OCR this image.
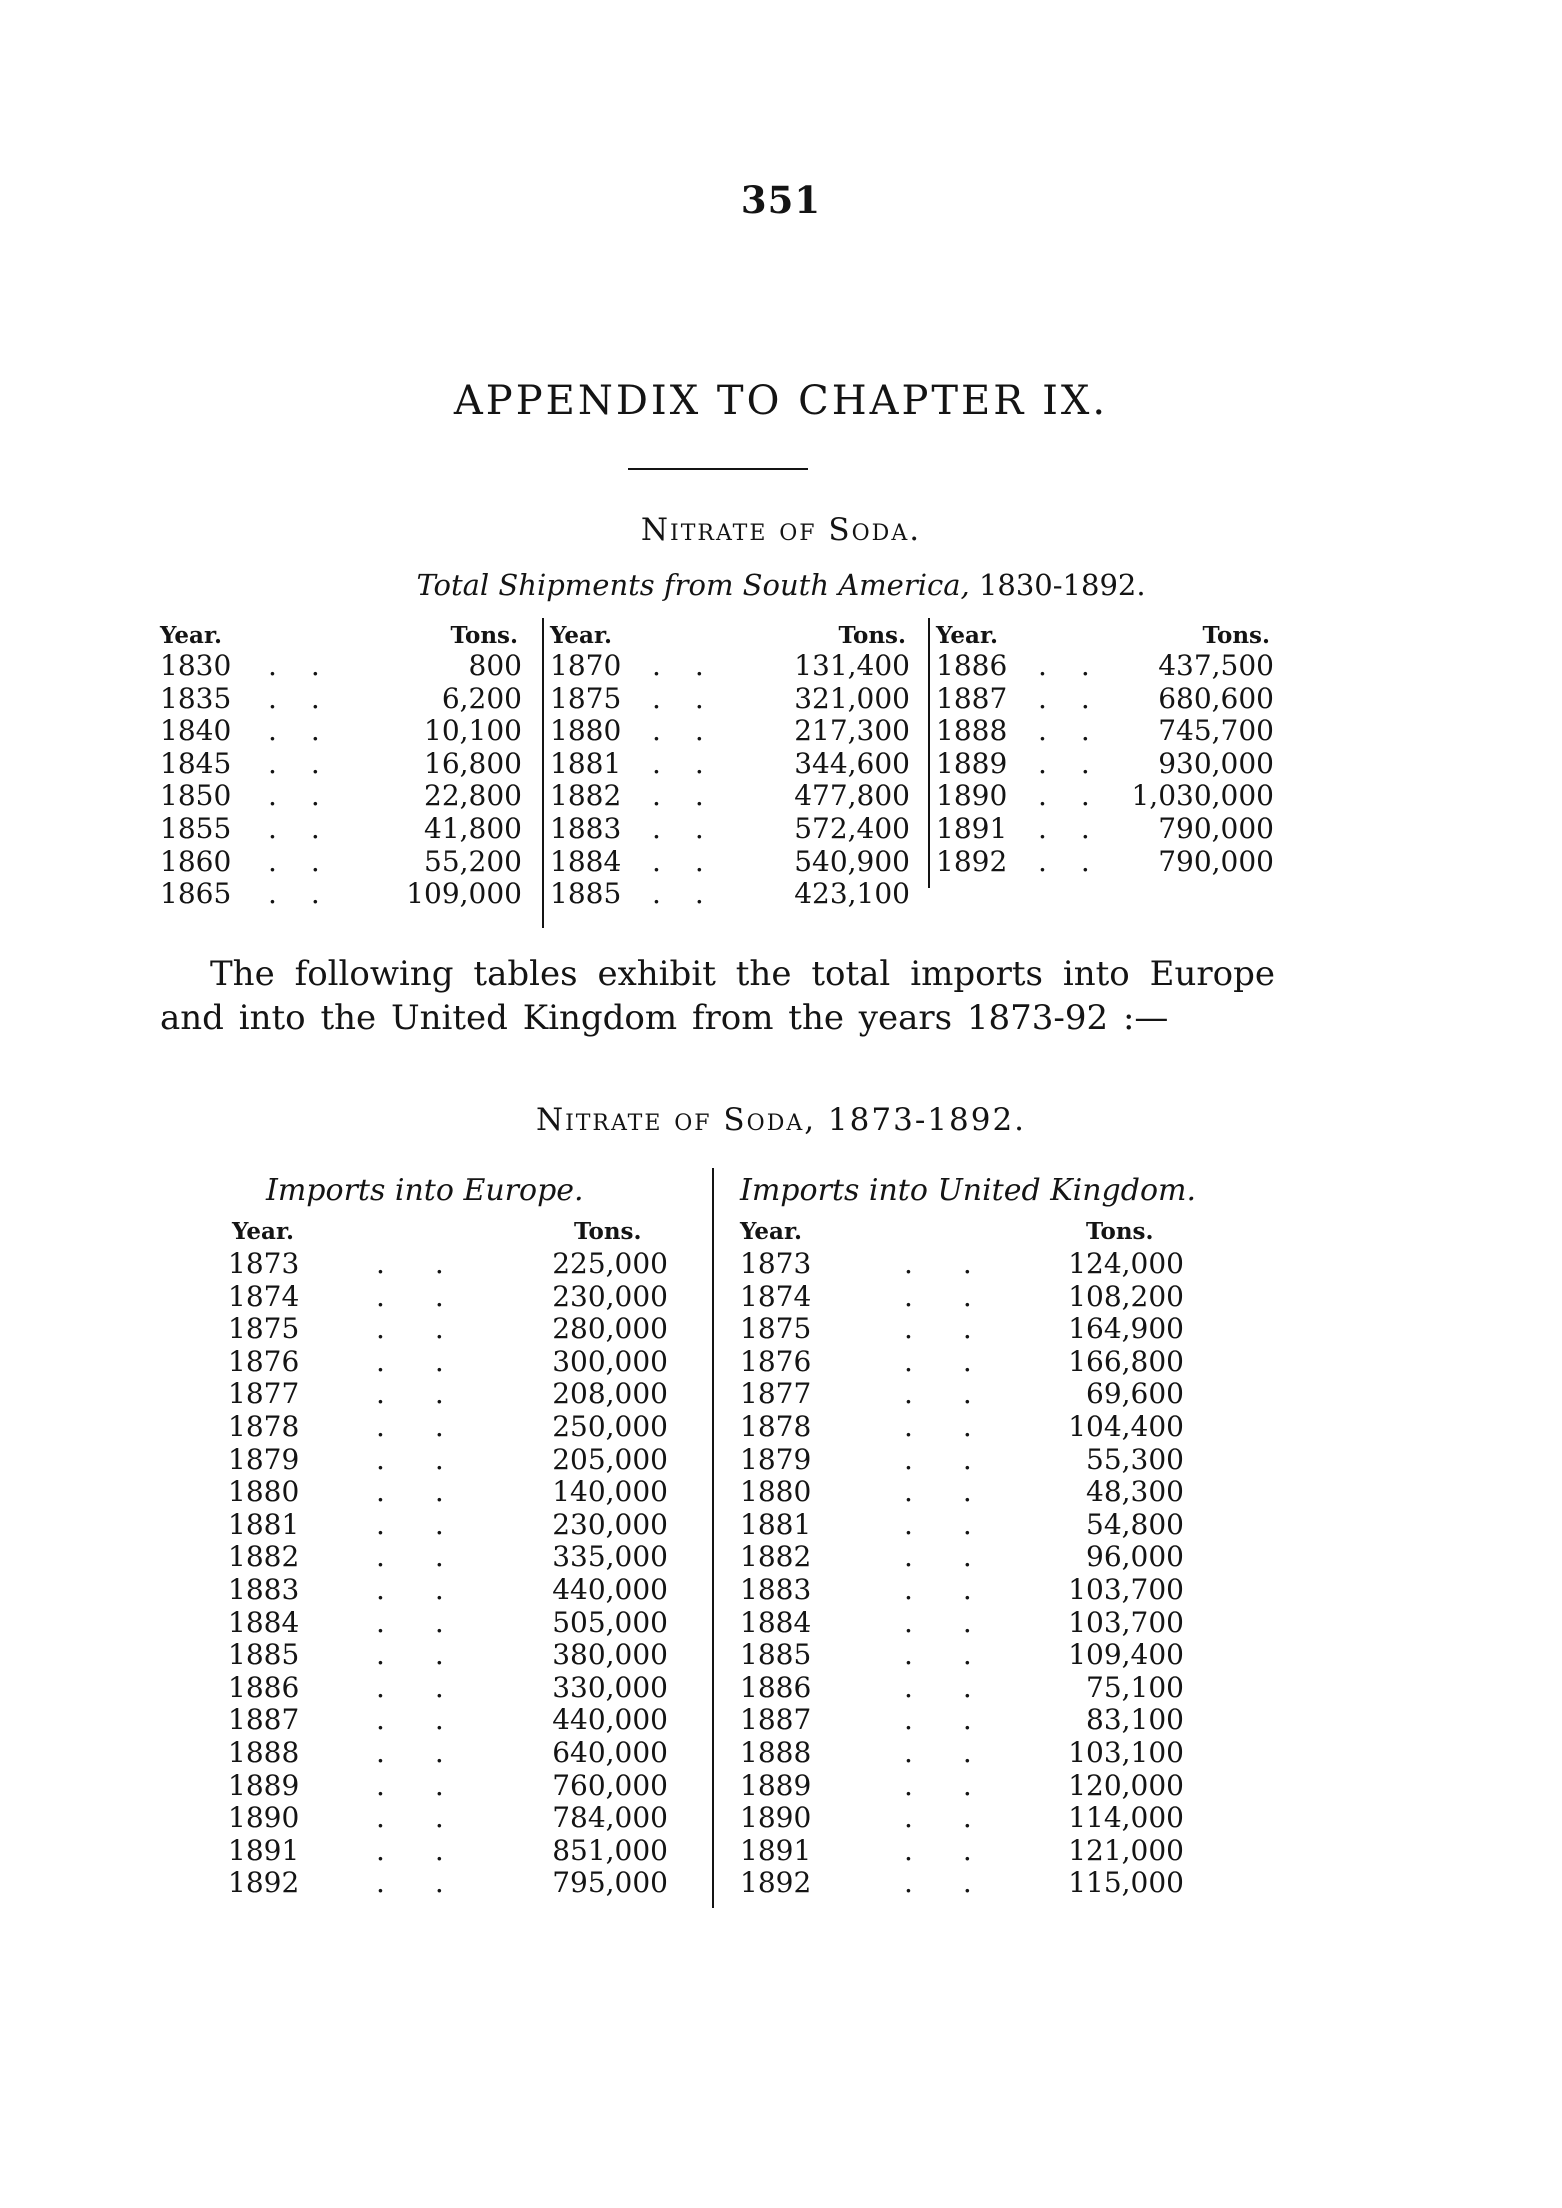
351
APPENDIX TO CHAPTER IX.
Nitrate of Soda.
Total Shipments from South America, 1830-1892.
Year.	Tons.
1830 ..	800
1835 ..	6,200
1840 ..	10,100
1845 ..	16,800
1850 ..	22,800
1855 ..	41,800
1860 ..	55,200
1865 .. 109,000
Year.	Tons.
1870 .. 131,400
1875 .. 321,000
1880 .. 217,300
1881 .. 344,600
1882 .. 477,800
1883 .. 572,400
1884 .. 540,900
1885 .. 423,100
Year.	Tons.
1886 .. 437,500
1887 .. 680,600
1888 .. 745,700
1889 .. 930,000
1890 .. 1,030,000
1891 .. 790,000
1892 .. 790,000
The following tables exhibit the total imports into Europe and into the United Kingdom from the years 1873-92 :—
Nitrate of Soda, 1873-1892.
Imports into Europe.
Year.	Tons.
1873	..	225,000
1874	..	230,000
1875	..	280,000
1876	..	300,000
1877	..	208,000
1878	..	250,000
1879	..	205,000
1880	..	140,000
1881	..	230,000
1882	..	335,000
1883	..	440,000
1884	..	505,000
1885	..	380,000
1886	..	330,000
1887	..	440,000
1888	..	640,000
1889	..	760,000
1890	..	784,000
1891	..	851,000
1892	..	795,000
Imports into United Kingdom.
Year.	Tons.
1873	..	124,000
1874	..	108,200
1875	..	164,900
1876	..	166,800
1877	..	69,600
1878	..	104,400
1879	..	55,300
1880	..	48,300
1881	..	54,800
1882	..	96,000
1883	..	103,700
1884	..	103,700
1885	..	109,400
1886	..	75,100
1887	..	83,100
1888	..	103,100
1889	..	120,000
1890	..	114,000
1891	..	121,000
1892	..	115,000
